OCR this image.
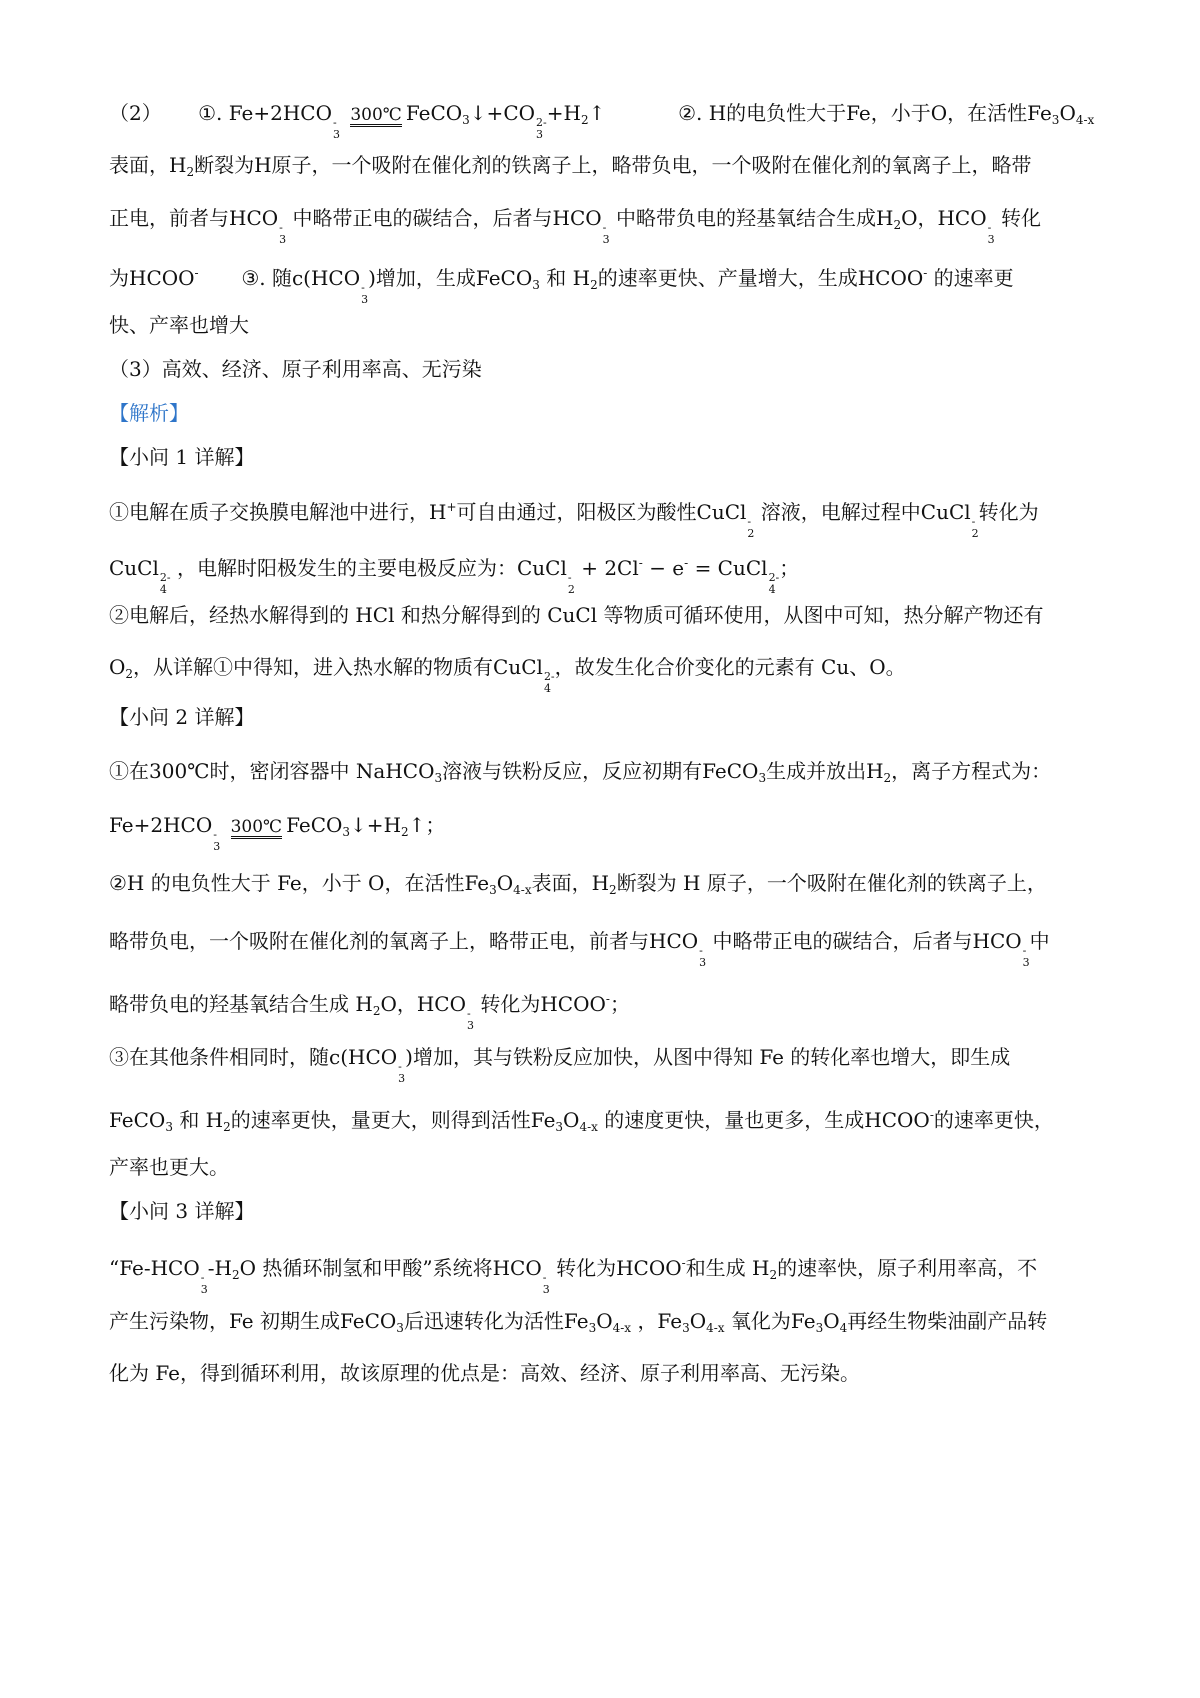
（2） ①. Fe+2HCO -
3

300℃ FeCO$_3$↓+CO 2-
3
$+H_2↑$	②. H的电负性大于Fe，小于O，在活性$Fe_3O_{4-x}$
表面，$H_2$断裂为H原子，一个吸附在催化剂的铁离子上，略带负电，一个吸附在催化剂的氧离子上，略带
正电，前者与HCO -
3
中略带正电的碳结合，后者与HCO -
3
中略带负电的羟基氧结合生成$H_2O$，HCO -
3
转化
为HCOO- ③. 随c(HCO -
3
)增加，生成FeCO$_3$ 和 $H_2$的速率更快、产量增大，生成HCOO- 的速率更
快、产率也增大
（3）高效、经济、原子利用率高、无污染
【解析】
【小问 1 详解】
①电解在质子交换膜电解池中进行，H+可自由通过，阳极区为酸性CuCl -
2
溶液，电解过程中CuCl -
2
转化为
CuCl 2-
4
，电解时阳极发生的主要电极反应为：CuCl -
2
+ 2Cl- − e- = CuCl 2-
4
；
②电解后，经热水解得到的 HCl 和热分解得到的 CuCl 等物质可循环使用，从图中可知，热分解产物还有
$O_2$，从详解①中得知，进入热水解的物质有CuCl 2-
4
，故发生化合价变化的元素有 Cu、O。
【小问 2 详解】
①在300℃时，密闭容器中 NaHCO$_3$溶液与铁粉反应，反应初期有FeCO$_3$生成并放出$H_2$，离子方程式为：
Fe+2HCO -
3

300℃ $FeCO_3↓+H_2↑$；
②H 的电负性大于 Fe，小于 O，在活性$Fe_3O_{4-x}$表面，$H_2$断裂为 H 原子，一个吸附在催化剂的铁离子上，
略带负电，一个吸附在催化剂的氧离子上，略带正电，前者与HCO -
3
中略带正电的碳结合，后者与HCO -
3
中
略带负电的羟基氧结合生成 $H_2O$，HCO -
3
转化为HCOO-；
③在其他条件相同时，随c(HCO -
3
)增加，其与铁粉反应加快，从图中得知 Fe 的转化率也增大，即生成
FeCO$_3$ 和 $H_2$的速率更快，量更大，则得到活性$Fe_3O_{4-x}$ 的速度更快，量也更多，生成HCOO-的速率更快，
产率也更大。
【小问 3 详解】
“Fe-HCO -
3
$-H_2O$ 热循环制氢和甲酸”系统将HCO -
3
转化为HCOO-和生成 $H_2$的速率快，原子利用率高，不
产生污染物，Fe 初期生成FeCO$_3$后迅速转化为活性$Fe_3O_{4-x}$ ，$Fe_3O_{4-x}$ 氧化为$Fe_3O_4$再经生物柴油副产品转
化为 Fe，得到循环利用，故该原理的优点是：高效、经济、原子利用率高、无污染。
